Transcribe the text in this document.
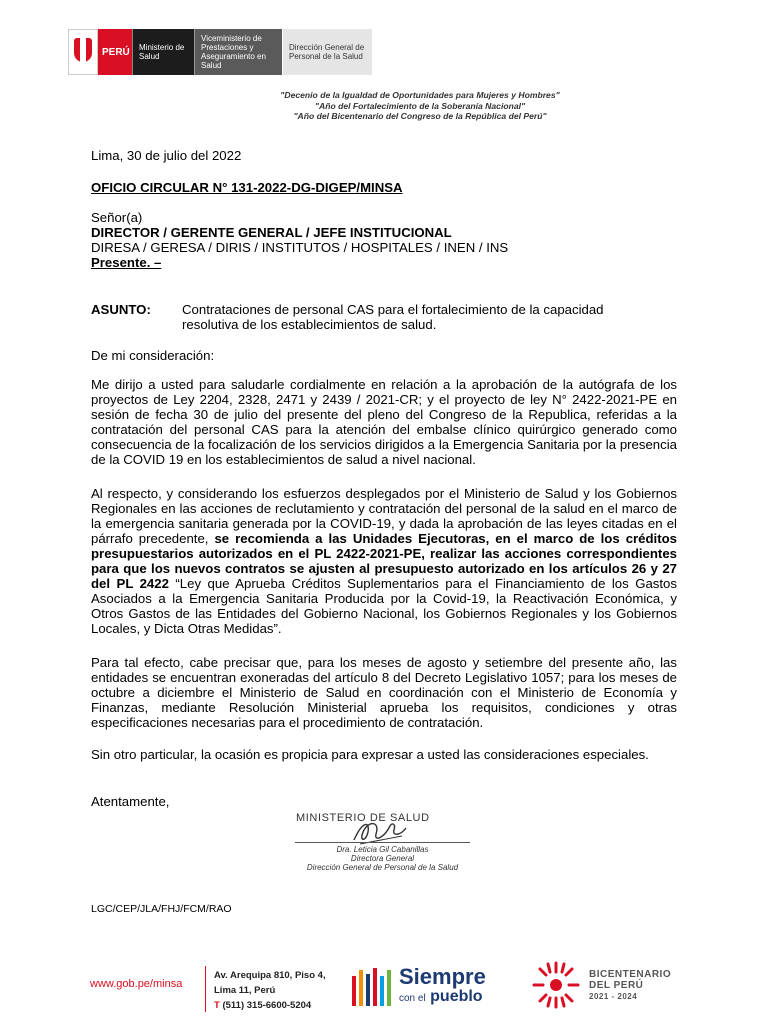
PERÚ	Ministerio de Salud
Viceministerio de Prestaciones y Aseguramiento en Salud
Dirección General de Personal de la Salud
"Decenio de la Igualdad de Oportunidades para Mujeres y Hombres"
"Año del Fortalecimiento de la Soberanía Nacional"
"Año del Bicentenario del Congreso de la República del Perú"
Lima, 30 de julio del 2022
OFICIO CIRCULAR N° 131-2022-DG-DIGEP/MINSA
Señor(a)
DIRECTOR / GERENTE GENERAL / JEFE INSTITUCIONAL
DIRESA / GERESA / DIRIS / INSTITUTOS / HOSPITALES / INEN / INS
Presente. –
ASUNTO: Contrataciones de personal CAS para el fortalecimiento de la capacidad resolutiva de los establecimientos de salud.
De mi consideración:
Me dirijo a usted para saludarle cordialmente en relación a la aprobación de la autógrafa de los proyectos de Ley 2204, 2328, 2471 y 2439 / 2021-CR; y el proyecto de ley N° 2422-2021-PE en sesión de fecha 30 de julio del presente del pleno del Congreso de la Republica, referidas a la contratación del personal CAS para la atención del embalse clínico quirúrgico generado como consecuencia de la focalización de los servicios dirigidos a la Emergencia Sanitaria por la presencia de la COVID 19 en los establecimientos de salud a nivel nacional.
Al respecto, y considerando los esfuerzos desplegados por el Ministerio de Salud y los Gobiernos Regionales en las acciones de reclutamiento y contratación del personal de la salud en el marco de la emergencia sanitaria generada por la COVID-19, y dada la aprobación de las leyes citadas en el párrafo precedente, se recomienda a las Unidades Ejecutoras, en el marco de los créditos presupuestarios autorizados en el PL 2422-2021-PE, realizar las acciones correspondientes para que los nuevos contratos se ajusten al presupuesto autorizado en los artículos 26 y 27 del PL 2422 “Ley que Aprueba Créditos Suplementarios para el Financiamiento de los Gastos Asociados a la Emergencia Sanitaria Producida por la Covid-19, la Reactivación Económica, y Otros Gastos de las Entidades del Gobierno Nacional, los Gobiernos Regionales y los Gobiernos Locales, y Dicta Otras Medidas”.
Para tal efecto, cabe precisar que, para los meses de agosto y setiembre del presente año, las entidades se encuentran exoneradas del artículo 8 del Decreto Legislativo 1057; para los meses de octubre a diciembre el Ministerio de Salud en coordinación con el Ministerio de Economía y Finanzas, mediante Resolución Ministerial aprueba los requisitos, condiciones y otras especificaciones necesarias para el procedimiento de contratación.
Sin otro particular, la ocasión es propicia para expresar a usted las consideraciones especiales.
Atentamente,
MINISTERIO DE SALUD
Dra. Leticia Gil Cabanillas
Directora General
Dirección General de Personal de la Salud
LGC/CEP/JLA/FHJ/FCM/RAO
www.gob.pe/minsa
Av. Arequipa 810, Piso 4,
Lima 11, Perú
T (511) 315-6600-5204
Siempre
con el pueblo
BICENTENARIO
DEL PERÚ
2021 - 2024
